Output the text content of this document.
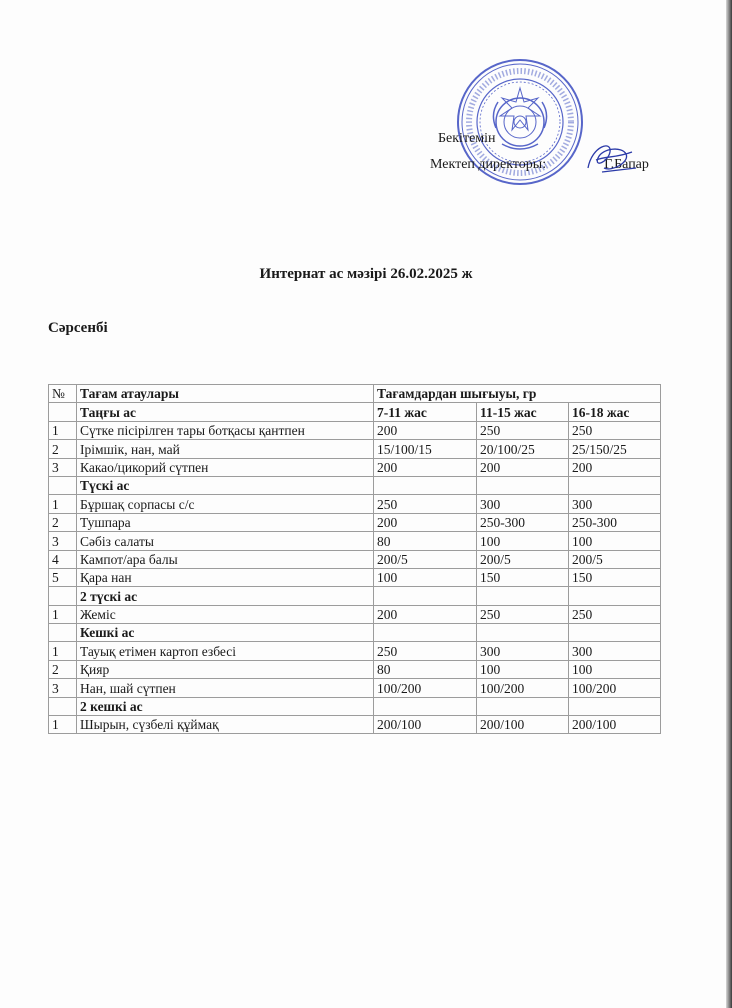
Бекітемін
Мектеп директоры:	Г.Бапар
Интернат ас мәзірі 26.02.2025 ж
Сәрсенбі
№	Тағам атаулары	Тағамдардан шығыуы, гр		
	Таңғы ас	7-11 жас	11-15 жас	16-18 жас
1	Сүтке пісірілген тары ботқасы қантпен	200	250	250
2	Ірімшік, нан, май	15/100/15	20/100/25	25/150/25
3	Какао/цикорий сүтпен	200	200	200
	Түскі ас			
1	Бұршақ сорпасы с/с	250	300	300
2	Тушпара	200	250-300	250-300
3	Сәбіз салаты	80	100	100
4	Кампот/ара балы	200/5	200/5	200/5
5	Қара нан	100	150	150
	2 түскі ас			
1	Жеміс	200	250	250
	Кешкі ас			
1	Тауық етімен картоп езбесі	250	300	300
2	Қияр	80	100	100
3	Нан, шай сүтпен	100/200	100/200	100/200
	2 кешкі ас			
1	Шырын, сүзбелі құймақ	200/100	200/100	200/100
